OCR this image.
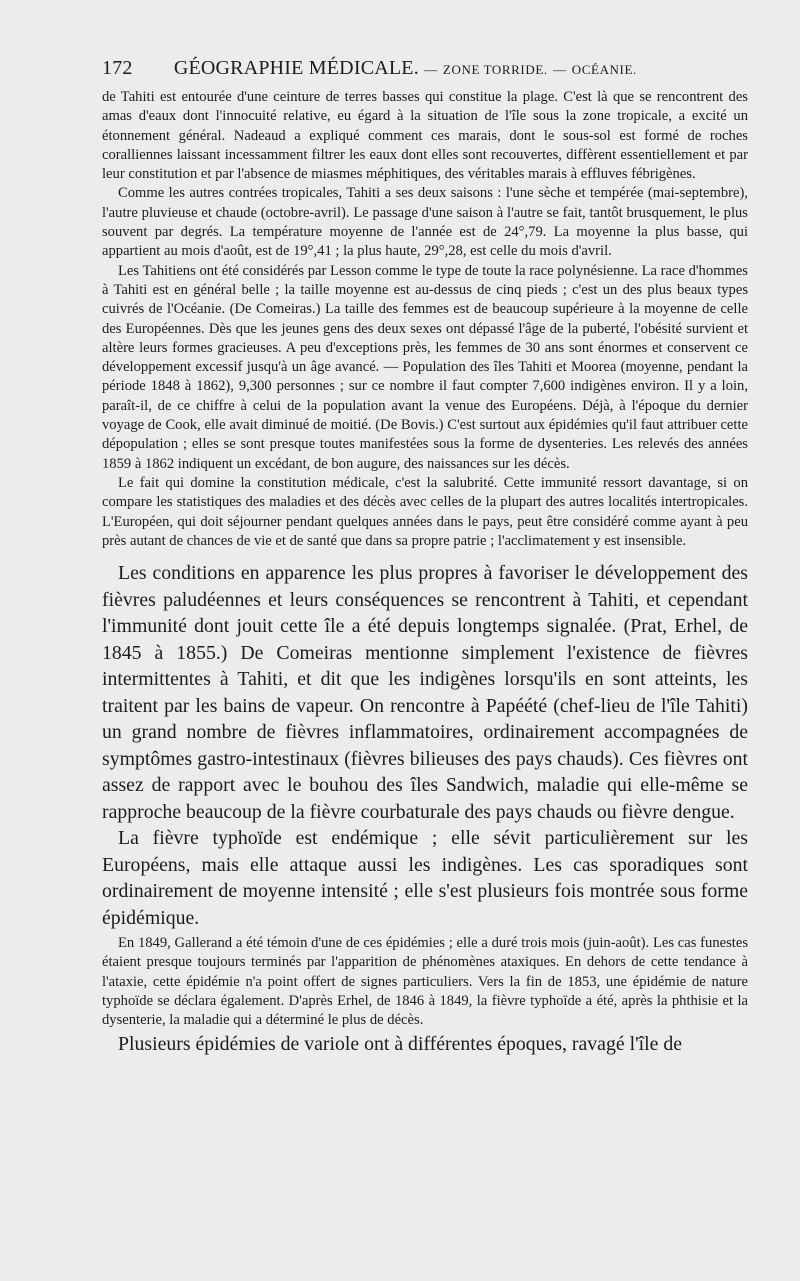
172 GÉOGRAPHIE MÉDICALE. — ZONE TORRIDE. — OCÉANIE.

de Tahiti est entourée d'une ceinture de terres basses qui constitue la plage. C'est là que se rencontrent des amas d'eaux dont l'innocuité relative, eu égard à la situation de l'île sous la zone tropicale, a excité un étonnement général. Nadeaud a expliqué comment ces marais, dont le sous-sol est formé de roches coralliennes laissant incessamment filtrer les eaux dont elles sont recouvertes, diffèrent essentiellement et par leur constitution et par l'absence de miasmes méphitiques, des véritables marais à effluves fébrigènes.

Comme les autres contrées tropicales, Tahiti a ses deux saisons : l'une sèche et tempérée (mai-septembre), l'autre pluvieuse et chaude (octobre-avril). Le passage d'une saison à l'autre se fait, tantôt brusquement, le plus souvent par degrés. La température moyenne de l'année est de 24°,79. La moyenne la plus basse, qui appartient au mois d'août, est de 19°,41 ; la plus haute, 29°,28, est celle du mois d'avril.

Les Tahitiens ont été considérés par Lesson comme le type de toute la race polynésienne. La race d'hommes à Tahiti est en général belle ; la taille moyenne est au-dessus de cinq pieds ; c'est un des plus beaux types cuivrés de l'Océanie. (De Comeiras.) La taille des femmes est de beaucoup supérieure à la moyenne de celle des Européennes. Dès que les jeunes gens des deux sexes ont dépassé l'âge de la puberté, l'obésité survient et altère leurs formes gracieuses. A peu d'exceptions près, les femmes de 30 ans sont énormes et conservent ce développement excessif jusqu'à un âge avancé. — Population des îles Tahiti et Moorea (moyenne, pendant la période 1848 à 1862), 9,300 personnes ; sur ce nombre il faut compter 7,600 indigènes environ. Il y a loin, paraît-il, de ce chiffre à celui de la population avant la venue des Européens. Déjà, à l'époque du dernier voyage de Cook, elle avait diminué de moitié. (De Bovis.) C'est surtout aux épidémies qu'il faut attribuer cette dépopulation ; elles se sont presque toutes manifestées sous la forme de dysenteries. Les relevés des années 1859 à 1862 indiquent un excédant, de bon augure, des naissances sur les décès.

Le fait qui domine la constitution médicale, c'est la salubrité. Cette immunité ressort davantage, si on compare les statistiques des maladies et des décès avec celles de la plupart des autres localités intertropicales. L'Européen, qui doit séjourner pendant quelques années dans le pays, peut être considéré comme ayant à peu près autant de chances de vie et de santé que dans sa propre patrie ; l'acclimatement y est insensible.

Les conditions en apparence les plus propres à favoriser le développement des fièvres paludéennes et leurs conséquences se rencontrent à Tahiti, et cependant l'immunité dont jouit cette île a été depuis longtemps signalée. (Prat, Erhel, de 1845 à 1855.) De Comeiras mentionne simplement l'existence de fièvres intermittentes à Tahiti, et dit que les indigènes lorsqu'ils en sont atteints, les traitent par les bains de vapeur. On rencontre à Papéété (chef-lieu de l'île Tahiti) un grand nombre de fièvres inflammatoires, ordinairement accompagnées de symptômes gastro-intestinaux (fièvres bilieuses des pays chauds). Ces fièvres ont assez de rapport avec le bouhou des îles Sandwich, maladie qui elle-même se rapproche beaucoup de la fièvre courbaturale des pays chauds ou fièvre dengue.

La fièvre typhoïde est endémique ; elle sévit particulièrement sur les Européens, mais elle attaque aussi les indigènes. Les cas sporadiques sont ordinairement de moyenne intensité ; elle s'est plusieurs fois montrée sous forme épidémique.

En 1849, Gallerand a été témoin d'une de ces épidémies ; elle a duré trois mois (juin-août). Les cas funestes étaient presque toujours terminés par l'apparition de phénomènes ataxiques. En dehors de cette tendance à l'ataxie, cette épidémie n'a point offert de signes particuliers. Vers la fin de 1853, une épidémie de nature typhoïde se déclara également. D'après Erhel, de 1846 à 1849, la fièvre typhoïde a été, après la phthisie et la dysenterie, la maladie qui a déterminé le plus de décès.

Plusieurs épidémies de variole ont à différentes époques, ravagé l'île de
